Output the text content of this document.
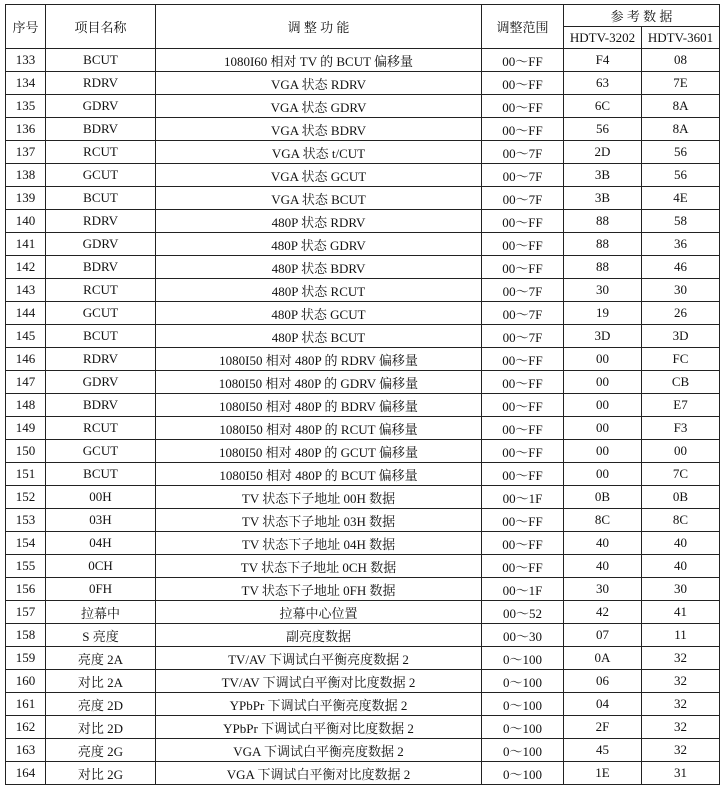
序号	项目名称	调 整 功 能	调整范围	参 考 数 据	
				HDTV-3202	HDTV-3601
133	BCUT	1080I60 相对 TV 的 BCUT 偏移量	00～FF	F4	08
134	RDRV	VGA 状态 RDRV	00～FF	63	7E
135	GDRV	VGA 状态 GDRV	00～FF	6C	8A
136	BDRV	VGA 状态 BDRV	00～FF	56	8A
137	RCUT	VGA 状态 t/CUT	00～7F	2D	56
138	GCUT	VGA 状态 GCUT	00～7F	3B	56
139	BCUT	VGA 状态 BCUT	00～7F	3B	4E
140	RDRV	480P 状态 RDRV	00～FF	88	58
141	GDRV	480P 状态 GDRV	00～FF	88	36
142	BDRV	480P 状态 BDRV	00～FF	88	46
143	RCUT	480P 状态 RCUT	00～7F	30	30
144	GCUT	480P 状态 GCUT	00～7F	19	26
145	BCUT	480P 状态 BCUT	00～7F	3D	3D
146	RDRV	1080I50 相对 480P 的 RDRV 偏移量	00～FF	00	FC
147	GDRV	1080I50 相对 480P 的 GDRV 偏移量	00～FF	00	CB
148	BDRV	1080I50 相对 480P 的 BDRV 偏移量	00～FF	00	E7
149	RCUT	1080I50 相对 480P 的 RCUT 偏移量	00～FF	00	F3
150	GCUT	1080I50 相对 480P 的 GCUT 偏移量	00～FF	00	00
151	BCUT	1080I50 相对 480P 的 BCUT 偏移量	00～FF	00	7C
152	00H	TV 状态下子地址 00H 数据	00～1F	0B	0B
153	03H	TV 状态下子地址 03H 数据	00～FF	8C	8C
154	04H	TV 状态下子地址 04H 数据	00～FF	40	40
155	0CH	TV 状态下子地址 0CH 数据	00～FF	40	40
156	0FH	TV 状态下子地址 0FH 数据	00～1F	30	30
157	拉幕中	拉幕中心位置	00～52	42	41
158	S 亮度	副亮度数据	00～30	07	11
159	亮度 2A	TV/AV 下调试白平衡亮度数据 2	0～100	0A	32
160	对比 2A	TV/AV 下调试白平衡对比度数据 2	0～100	06	32
161	亮度 2D	YPbPr 下调试白平衡亮度数据 2	0～100	04	32
162	对比 2D	YPbPr 下调试白平衡对比度数据 2	0～100	2F	32
163	亮度 2G	VGA 下调试白平衡亮度数据 2	0～100	45	32
164	对比 2G	VGA 下调试白平衡对比度数据 2	0～100	1E	31
